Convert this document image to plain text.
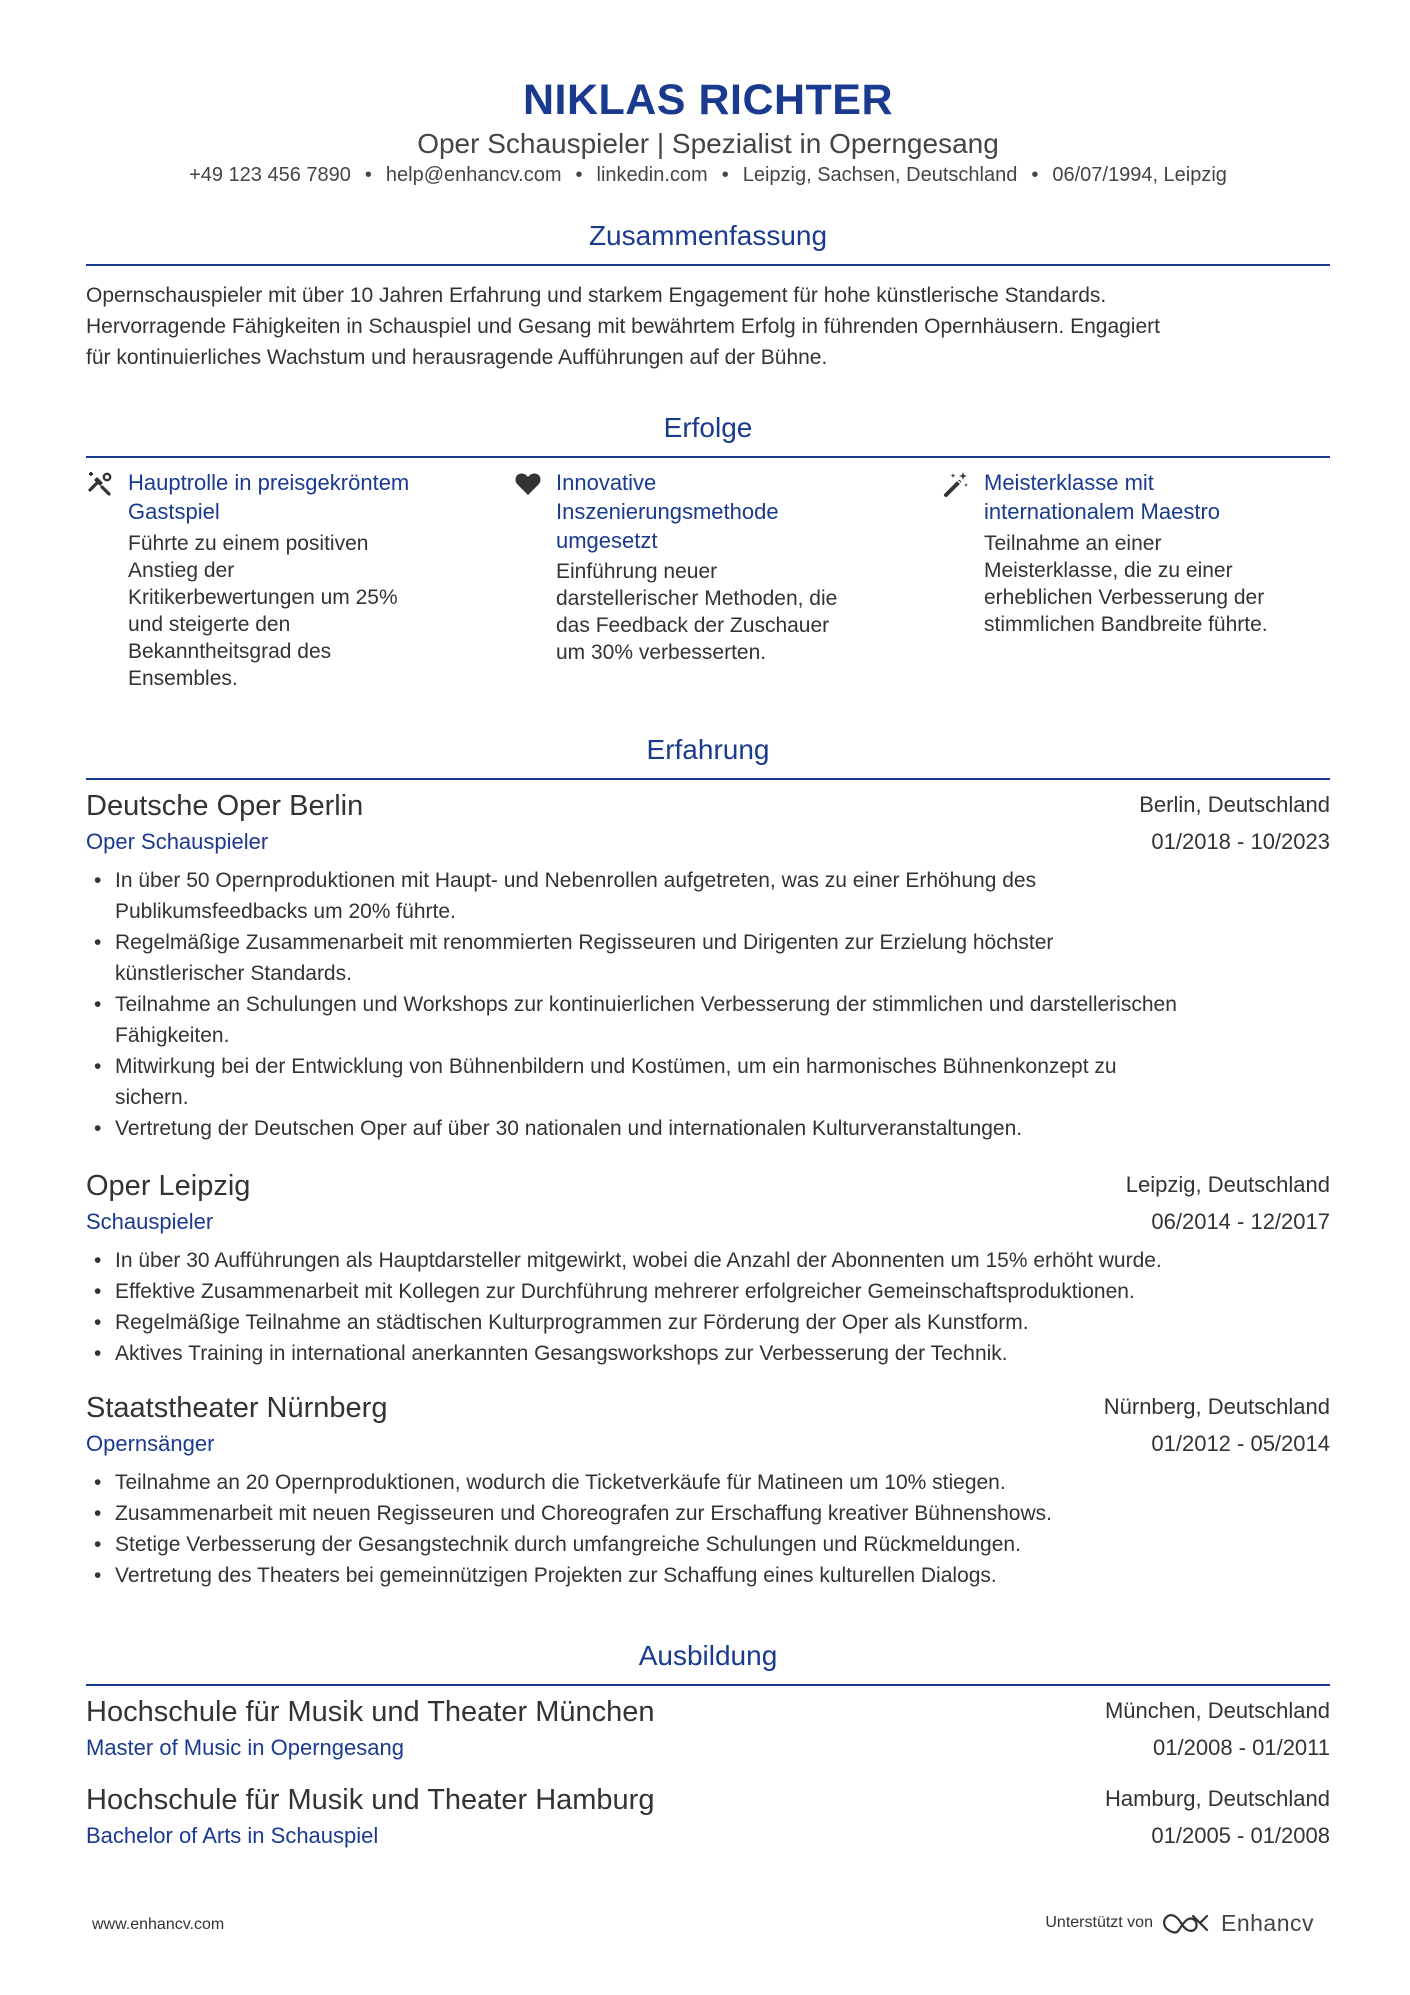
NIKLAS RICHTER
Oper Schauspieler | Spezialist in Operngesang
+49 123 456 7890 • help@enhancv.com • linkedin.com • Leipzig, Sachsen, Deutschland • 06/07/1994, Leipzig
Zusammenfassung
Opernschauspieler mit über 10 Jahren Erfahrung und starkem Engagement für hohe künstlerische Standards.
Hervorragende Fähigkeiten in Schauspiel und Gesang mit bewährtem Erfolg in führenden Opernhäusern. Engagiert
für kontinuierliches Wachstum und herausragende Aufführungen auf der Bühne.
Erfolge
Hauptrolle in preisgekröntem
Gastspiel
Führte zu einem positiven
Anstieg der
Kritikerbewertungen um 25%
und steigerte den
Bekanntheitsgrad des
Ensembles.
Innovative
Inszenierungsmethode
umgesetzt
Einführung neuer
darstellerischer Methoden, die
das Feedback der Zuschauer
um 30% verbesserten.
Meisterklasse mit
internationalem Maestro
Teilnahme an einer
Meisterklasse, die zu einer
erheblichen Verbesserung der
stimmlichen Bandbreite führte.
Erfahrung
Deutsche Oper Berlin	Berlin, Deutschland
Oper Schauspieler	01/2018 - 10/2023
• In über 50 Opernproduktionen mit Haupt- und Nebenrollen aufgetreten, was zu einer Erhöhung des
Publikumsfeedbacks um 20% führte.
• Regelmäßige Zusammenarbeit mit renommierten Regisseuren und Dirigenten zur Erzielung höchster
künstlerischer Standards.
• Teilnahme an Schulungen und Workshops zur kontinuierlichen Verbesserung der stimmlichen und darstellerischen
Fähigkeiten.
• Mitwirkung bei der Entwicklung von Bühnenbildern und Kostümen, um ein harmonisches Bühnenkonzept zu
sichern.
• Vertretung der Deutschen Oper auf über 30 nationalen und internationalen Kulturveranstaltungen.
Oper Leipzig	Leipzig, Deutschland
Schauspieler	06/2014 - 12/2017
• In über 30 Aufführungen als Hauptdarsteller mitgewirkt, wobei die Anzahl der Abonnenten um 15% erhöht wurde.
• Effektive Zusammenarbeit mit Kollegen zur Durchführung mehrerer erfolgreicher Gemeinschaftsproduktionen.
• Regelmäßige Teilnahme an städtischen Kulturprogrammen zur Förderung der Oper als Kunstform.
• Aktives Training in international anerkannten Gesangsworkshops zur Verbesserung der Technik.
Staatstheater Nürnberg	Nürnberg, Deutschland
Opernsänger	01/2012 - 05/2014
• Teilnahme an 20 Opernproduktionen, wodurch die Ticketverkäufe für Matineen um 10% stiegen.
• Zusammenarbeit mit neuen Regisseuren und Choreografen zur Erschaffung kreativer Bühnenshows.
• Stetige Verbesserung der Gesangstechnik durch umfangreiche Schulungen und Rückmeldungen.
• Vertretung des Theaters bei gemeinnützigen Projekten zur Schaffung eines kulturellen Dialogs.
Ausbildung
Hochschule für Musik und Theater München	München, Deutschland
Master of Music in Operngesang	01/2008 - 01/2011
Hochschule für Musik und Theater Hamburg	Hamburg, Deutschland
Bachelor of Arts in Schauspiel	01/2005 - 01/2008
www.enhancv.com	Unterstützt von	Enhancv
